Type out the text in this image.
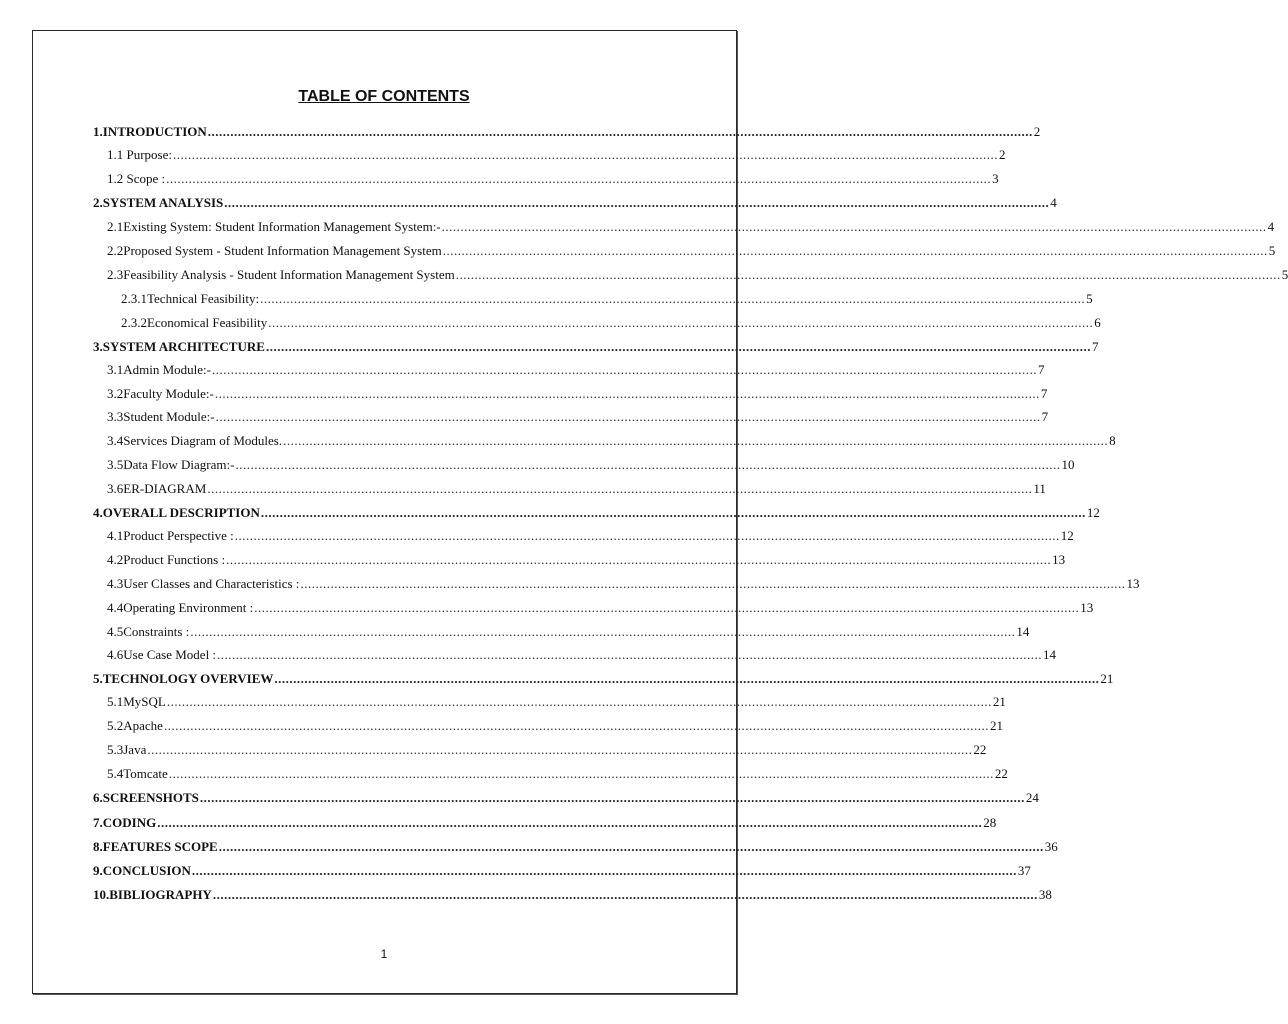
TABLE OF CONTENTS
1. INTRODUCTION ............................................................................................................................................................................................................................ 2
1.1 Purpose: ............................................................................................................................................................................................................................ 2
1.2 Scope : ............................................................................................................................................................................................................................ 3
2. SYSTEM ANALYSIS ............................................................................................................................................................................................................................ 4
2.1 Existing System: Student Information Management System:- ............................................................................................................................................................................................................................ 4
2.2 Proposed System - Student Information Management System ............................................................................................................................................................................................................................ 5
2.3 Feasibility Analysis - Student Information Management System ............................................................................................................................................................................................................................ 5
2.3.1 Technical Feasibility: ............................................................................................................................................................................................................................ 5
2.3.2 Economical Feasibility ............................................................................................................................................................................................................................ 6
3. SYSTEM ARCHITECTURE ............................................................................................................................................................................................................................ 7
3.1 Admin Module:- ............................................................................................................................................................................................................................ 7
3.2 Faculty Module:- ............................................................................................................................................................................................................................ 7
3.3 Student Module:- ............................................................................................................................................................................................................................ 7
3.4 Services Diagram of Modules. ............................................................................................................................................................................................................................ 8
3.5 Data Flow Diagram:- ............................................................................................................................................................................................................................ 10
3.6 ER-DIAGRAM ............................................................................................................................................................................................................................ 11
4. OVERALL DESCRIPTION ............................................................................................................................................................................................................................ 12
4.1 Product Perspective : ............................................................................................................................................................................................................................ 12
4.2 Product Functions : ............................................................................................................................................................................................................................ 13
4.3 User Classes and Characteristics : ............................................................................................................................................................................................................................ 13
4.4 Operating Environment : ............................................................................................................................................................................................................................ 13
4.5 Constraints : ............................................................................................................................................................................................................................ 14
4.6 Use Case Model : ............................................................................................................................................................................................................................ 14
5. TECHNOLOGY OVERVIEW ............................................................................................................................................................................................................................ 21
5.1 MySQL ............................................................................................................................................................................................................................ 21
5.2 Apache ............................................................................................................................................................................................................................ 21
5.3 Java ............................................................................................................................................................................................................................ 22
5.4 Tomcate ............................................................................................................................................................................................................................ 22
6. SCREENSHOTS ............................................................................................................................................................................................................................ 24
7. CODING ............................................................................................................................................................................................................................ 28
8. FEATURES SCOPE ............................................................................................................................................................................................................................ 36
9. CONCLUSION ............................................................................................................................................................................................................................ 37
10. BIBLIOGRAPHY ............................................................................................................................................................................................................................ 38
1
